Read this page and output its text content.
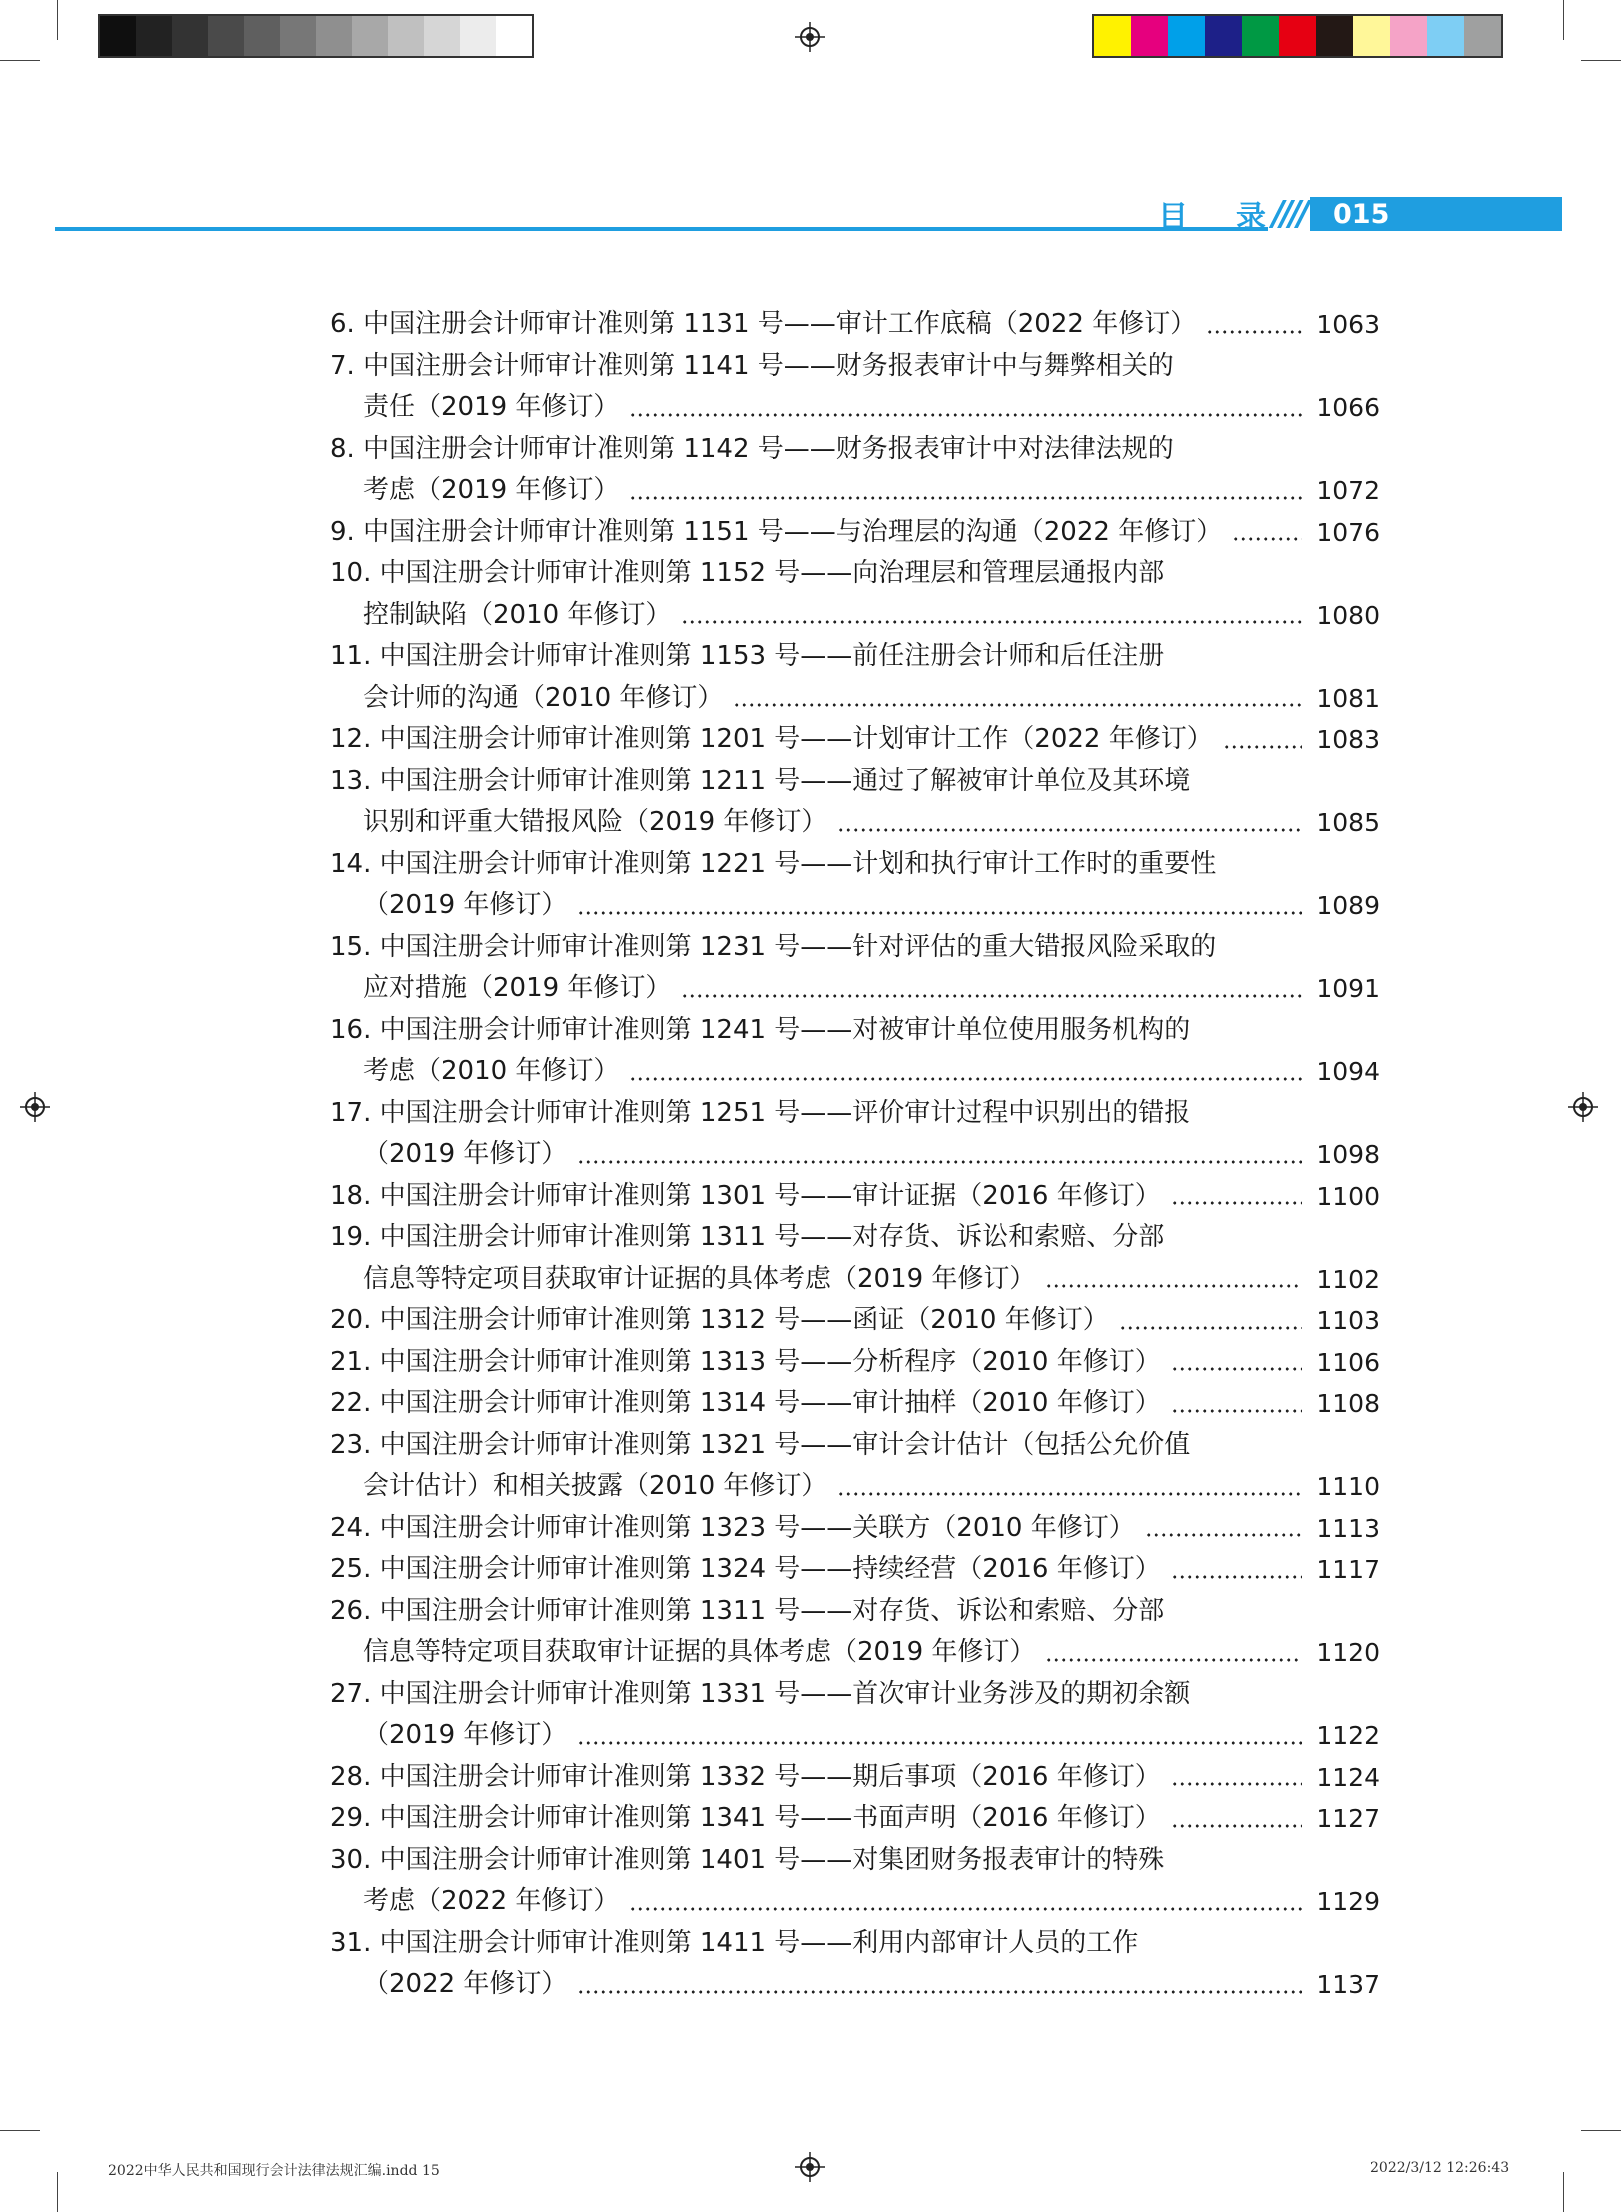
目 录 //// 015
6. 中国注册会计师审计准则第 1131 号——审计工作底稿（2022 年修订）	1063
7. 中国注册会计师审计准则第 1141 号——财务报表审计中与舞弊相关的
责任（2019 年修订）	1066
8. 中国注册会计师审计准则第 1142 号——财务报表审计中对法律法规的
考虑（2019 年修订）	1072
9. 中国注册会计师审计准则第 1151 号——与治理层的沟通（2022 年修订）	1076
10. 中国注册会计师审计准则第 1152 号——向治理层和管理层通报内部
控制缺陷（2010 年修订）	1080
11. 中国注册会计师审计准则第 1153 号——前任注册会计师和后任注册
会计师的沟通（2010 年修订）	1081
12. 中国注册会计师审计准则第 1201 号——计划审计工作（2022 年修订）	1083
13. 中国注册会计师审计准则第 1211 号——通过了解被审计单位及其环境
识别和评重大错报风险（2019 年修订）	1085
14. 中国注册会计师审计准则第 1221 号——计划和执行审计工作时的重要性
（2019 年修订）	1089
15. 中国注册会计师审计准则第 1231 号——针对评估的重大错报风险采取的
应对措施（2019 年修订）	1091
16. 中国注册会计师审计准则第 1241 号——对被审计单位使用服务机构的
考虑（2010 年修订）	1094
17. 中国注册会计师审计准则第 1251 号——评价审计过程中识别出的错报
（2019 年修订）	1098
18. 中国注册会计师审计准则第 1301 号——审计证据（2016 年修订）	1100
19. 中国注册会计师审计准则第 1311 号——对存货、诉讼和索赔、分部
信息等特定项目获取审计证据的具体考虑（2019 年修订）	1102
20. 中国注册会计师审计准则第 1312 号——函证（2010 年修订）	1103
21. 中国注册会计师审计准则第 1313 号——分析程序（2010 年修订）	1106
22. 中国注册会计师审计准则第 1314 号——审计抽样（2010 年修订）	1108
23. 中国注册会计师审计准则第 1321 号——审计会计估计（包括公允价值
会计估计）和相关披露（2010 年修订）	1110
24. 中国注册会计师审计准则第 1323 号——关联方（2010 年修订）	1113
25. 中国注册会计师审计准则第 1324 号——持续经营（2016 年修订）	1117
26. 中国注册会计师审计准则第 1311 号——对存货、诉讼和索赔、分部
信息等特定项目获取审计证据的具体考虑（2019 年修订）	1120
27. 中国注册会计师审计准则第 1331 号——首次审计业务涉及的期初余额
（2019 年修订）	1122
28. 中国注册会计师审计准则第 1332 号——期后事项（2016 年修订）	1124
29. 中国注册会计师审计准则第 1341 号——书面声明（2016 年修订）	1127
30. 中国注册会计师审计准则第 1401 号——对集团财务报表审计的特殊
考虑（2022 年修订）	1129
31. 中国注册会计师审计准则第 1411 号——利用内部审计人员的工作
（2022 年修订）	1137
2022中华人民共和国现行会计法律法规汇编.indd 15	2022/3/12 12:26:43
